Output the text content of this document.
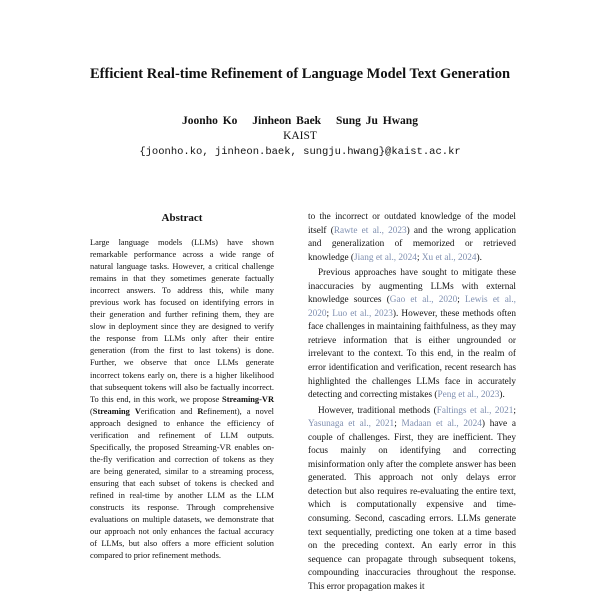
Efficient Real-time Refinement of Language Model Text Generation
Joonho Ko Jinheon Baek Sung Ju Hwang
KAIST
{joonho.ko, jinheon.baek, sungju.hwang}@kaist.ac.kr
Abstract
Large language models (LLMs) have shown remarkable performance across a wide range of natural language tasks. However, a critical challenge remains in that they sometimes generate factually incorrect answers. To address this, while many previous work has focused on identifying errors in their generation and further refining them, they are slow in deployment since they are designed to verify the response from LLMs only after their entire generation (from the first to last tokens) is done. Further, we observe that once LLMs generate incorrect tokens early on, there is a higher likelihood that subsequent tokens will also be factually incorrect. To this end, in this work, we propose Streaming-VR (Streaming Verification and Refinement), a novel approach designed to enhance the efficiency of verification and refinement of LLM outputs. Specifically, the proposed Streaming-VR enables on-the-fly verification and correction of tokens as they are being generated, similar to a streaming process, ensuring that each subset of tokens is checked and refined in real-time by another LLM as the LLM constructs its response. Through comprehensive evaluations on multiple datasets, we demonstrate that our approach not only enhances the factual accuracy of LLMs, but also offers a more efficient solution compared to prior refinement methods.

to the incorrect or outdated knowledge of the model itself (Rawte et al., 2023) and the wrong application and generalization of memorized or retrieved knowledge (Jiang et al., 2024; Xu et al., 2024).

Previous approaches have sought to mitigate these inaccuracies by augmenting LLMs with external knowledge sources (Gao et al., 2020; Lewis et al., 2020; Luo et al., 2023). However, these methods often face challenges in maintaining faithfulness, as they may retrieve information that is either ungrounded or irrelevant to the context. To this end, in the realm of error identification and verification, recent research has highlighted the challenges LLMs face in accurately detecting and correcting mistakes (Peng et al., 2023).

However, traditional methods (Faltings et al., 2021; Yasunaga et al., 2021; Madaan et al., 2024) have a couple of challenges. First, they are inefficient. They focus mainly on identifying and correcting misinformation only after the complete answer has been generated. This approach not only delays error detection but also requires re-evaluating the entire text, which is computationally expensive and time-consuming. Second, cascading errors. LLMs generate text sequentially, predicting one token at a time based on the preceding context. An early error in this sequence can propagate through subsequent tokens, compounding inaccuracies throughout the response. This error propagation makes it
